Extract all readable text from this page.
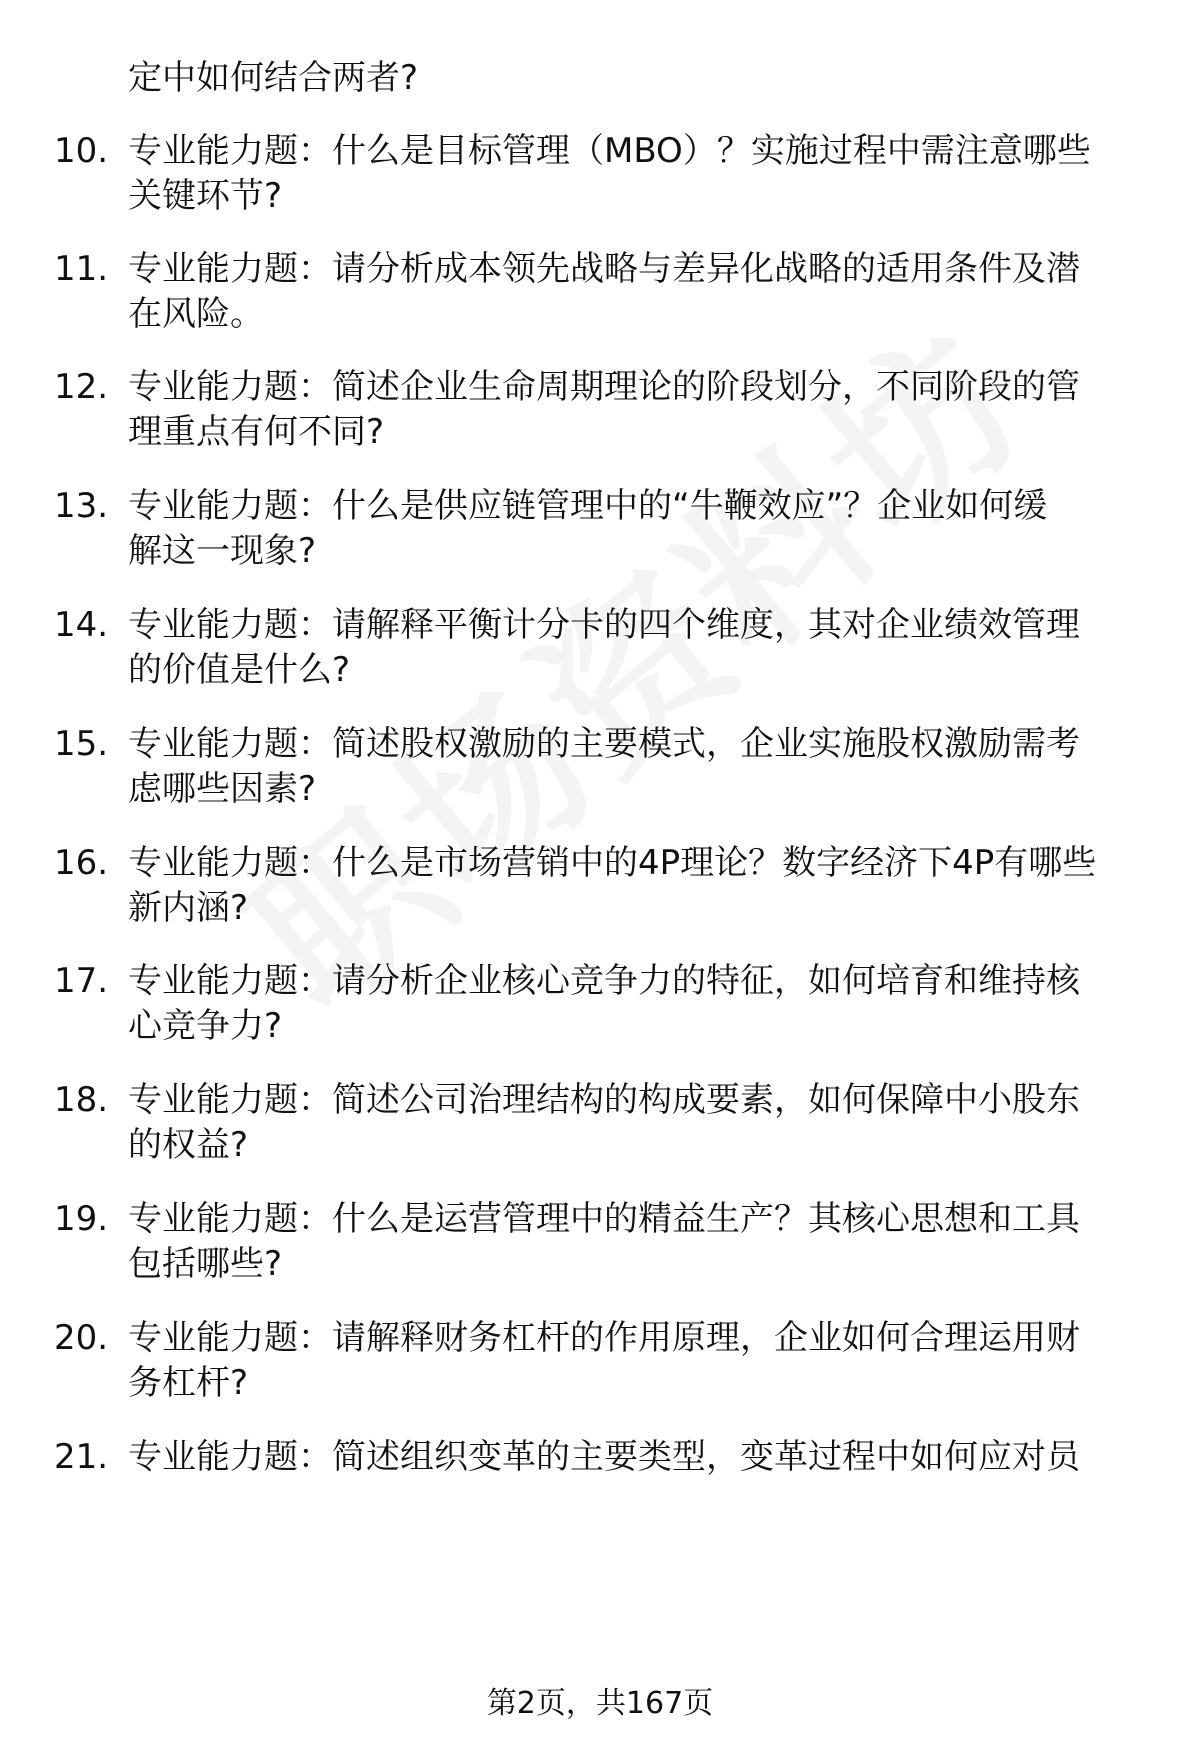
定中如何结合两者?
10. 专业能力题：什么是目标管理（MBO）？实施过程中需注意哪些
关键环节?
11. 专业能力题：请分析成本领先战略与差异化战略的适用条件及潜
在风险。
12. 专业能力题：简述企业生命周期理论的阶段划分，不同阶段的管
理重点有何不同?
13. 专业能力题：什么是供应链管理中的“牛鞭效应”？企业如何缓
解这一现象?
14. 专业能力题：请解释平衡计分卡的四个维度，其对企业绩效管理
的价值是什么?
15. 专业能力题：简述股权激励的主要模式，企业实施股权激励需考
虑哪些因素?
16. 专业能力题：什么是市场营销中的4P理论？数字经济下4P有哪些
新内涵?
17. 专业能力题：请分析企业核心竞争力的特征，如何培育和维持核
心竞争力?
18. 专业能力题：简述公司治理结构的构成要素，如何保障中小股东
的权益?
19. 专业能力题：什么是运营管理中的精益生产？其核心思想和工具
包括哪些?
20. 专业能力题：请解释财务杠杆的作用原理，企业如何合理运用财
务杠杆?
21. 专业能力题：简述组织变革的主要类型，变革过程中如何应对员
第2页，共167页
